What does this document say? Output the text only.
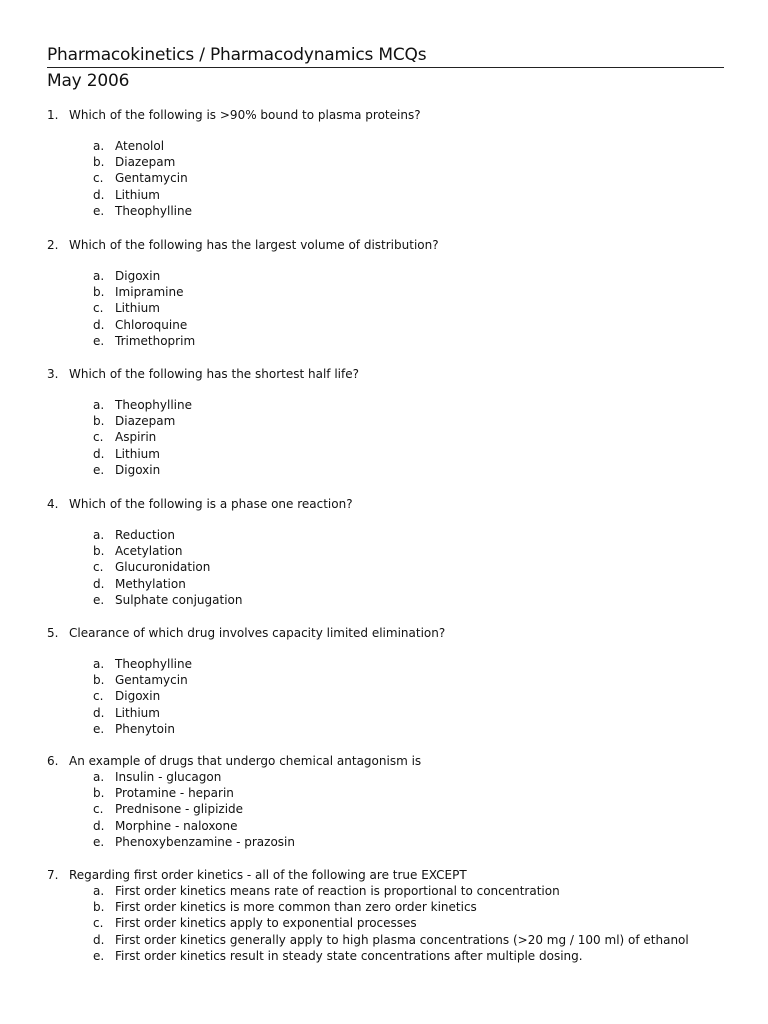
Pharmacokinetics / Pharmacodynamics MCQs
May 2006
1. Which of the following is >90% bound to plasma proteins?
a. Atenolol
b. Diazepam
c. Gentamycin
d. Lithium
e. Theophylline
2. Which of the following has the largest volume of distribution?
a. Digoxin
b. Imipramine
c. Lithium
d. Chloroquine
e. Trimethoprim
3. Which of the following has the shortest half life?
a. Theophylline
b. Diazepam
c. Aspirin
d. Lithium
e. Digoxin
4. Which of the following is a phase one reaction?
a. Reduction
b. Acetylation
c. Glucuronidation
d. Methylation
e. Sulphate conjugation
5. Clearance of which drug involves capacity limited elimination?
a. Theophylline
b. Gentamycin
c. Digoxin
d. Lithium
e. Phenytoin
6. An example of drugs that undergo chemical antagonism is
a. Insulin - glucagon
b. Protamine - heparin
c. Prednisone - glipizide
d. Morphine - naloxone
e. Phenoxybenzamine - prazosin
7. Regarding first order kinetics - all of the following are true EXCEPT
a. First order kinetics means rate of reaction is proportional to concentration
b. First order kinetics is more common than zero order kinetics
c. First order kinetics apply to exponential processes
d. First order kinetics generally apply to high plasma concentrations (>20 mg / 100 ml) of ethanol
e. First order kinetics result in steady state concentrations after multiple dosing.
